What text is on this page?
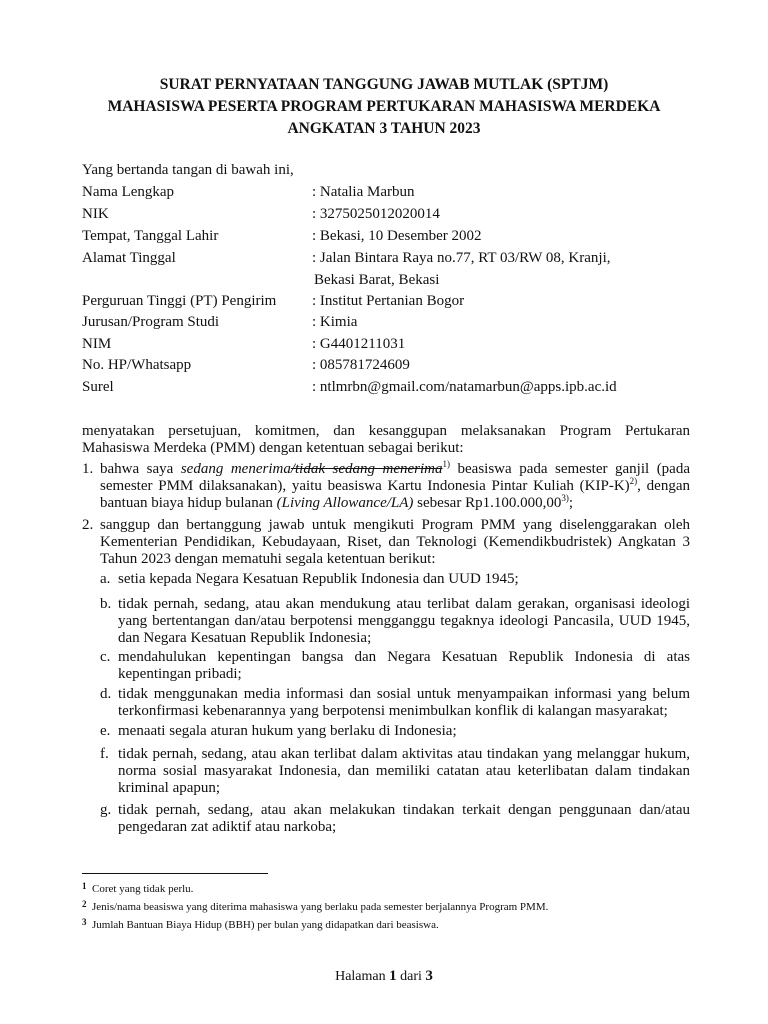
SURAT PERNYATAAN TANGGUNG JAWAB MUTLAK (SPTJM)
MAHASISWA PESERTA PROGRAM PERTUKARAN MAHASISWA MERDEKA
ANGKATAN 3 TAHUN 2023
Yang bertanda tangan di bawah ini,
Nama Lengkap	: Natalia Marbun
NIK	: 3275025012020014
Tempat, Tanggal Lahir	: Bekasi, 10 Desember 2002
Alamat Tinggal	: Jalan Bintara Raya no.77, RT 03/RW 08, Kranji,
Bekasi Barat, Bekasi
Perguruan Tinggi (PT) Pengirim : Institut Pertanian Bogor
Jurusan/Program Studi	: Kimia
NIM	: G4401211031
No. HP/Whatsapp	: 085781724609
Surel	: ntlmrbn@gmail.com/natamarbun@apps.ipb.ac.id
menyatakan persetujuan, komitmen, dan kesanggupan melaksanakan Program Pertukaran Mahasiswa Merdeka (PMM) dengan ketentuan sebagai berikut:
1. bahwa saya sedang menerima/tidak sedang menerima$^{1)}$ beasiswa pada semester ganjil (pada semester PMM dilaksanakan), yaitu beasiswa Kartu Indonesia Pintar Kuliah $(KIP-K)^{2)}$, dengan bantuan biaya hidup bulanan (Living Allowance/LA) sebesar Rp1.100.000,00$^{3)}$;
2. sanggup dan bertanggung jawab untuk mengikuti Program PMM yang diselenggarakan oleh Kementerian Pendidikan, Kebudayaan, Riset, dan Teknologi (Kemendikbudristek) Angkatan 3 Tahun 2023 dengan mematuhi segala ketentuan berikut:
a. setia kepada Negara Kesatuan Republik Indonesia dan UUD 1945;
b. tidak pernah, sedang, atau akan mendukung atau terlibat dalam gerakan, organisasi ideologi yang bertentangan dan/atau berpotensi mengganggu tegaknya ideologi Pancasila, UUD 1945, dan Negara Kesatuan Republik Indonesia;
c. mendahulukan kepentingan bangsa dan Negara Kesatuan Republik Indonesia di atas kepentingan pribadi;
d. tidak menggunakan media informasi dan sosial untuk menyampaikan informasi yang belum terkonfirmasi kebenarannya yang berpotensi menimbulkan konflik di kalangan masyarakat;
e. menaati segala aturan hukum yang berlaku di Indonesia;
f. tidak pernah, sedang, atau akan terlibat dalam aktivitas atau tindakan yang melanggar hukum, norma sosial masyarakat Indonesia, dan memiliki catatan atau keterlibatan dalam tindakan kriminal apapun;
g. tidak pernah, sedang, atau akan melakukan tindakan terkait dengan penggunaan dan/atau pengedaran zat adiktif atau narkoba;
1 Coret yang tidak perlu.
2 Jenis/nama beasiswa yang diterima mahasiswa yang berlaku pada semester berjalannya Program PMM.
3 Jumlah Bantuan Biaya Hidup (BBH) per bulan yang didapatkan dari beasiswa.
Halaman 1 dari 3
